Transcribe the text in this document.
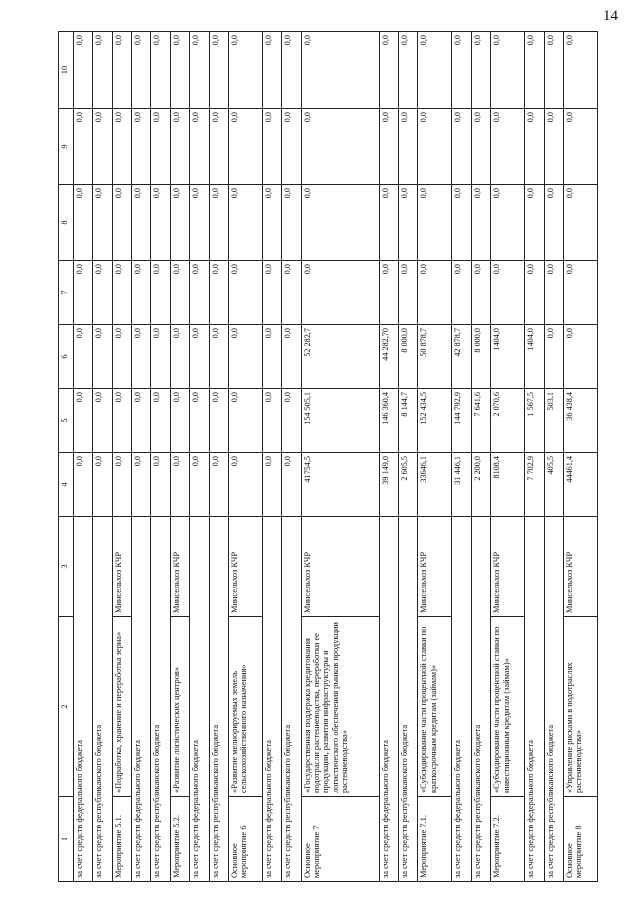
14
1	2	3	4	5	6	7	8	9	10
за счет средств федерального бюджета			0,0	0,0	0,0	0,0	0,0	0,0	0,0
за счет средств республиканского бюджета			0,0	0,0	0,0	0,0	0,0	0,0	0,0
Мероприятие 5.1.	«Подработка, хранение и переработка зерна»	Минсельхоз КЧР	0,0	0,0	0,0	0,0	0,0	0,0	0,0
за счет средств федерального бюджета			0,0	0,0	0,0	0,0	0,0	0,0	0,0
за счет средств республиканского бюджета			0,0	0,0	0,0	0,0	0,0	0,0	0,0
Мероприятие 5.2.	«Развитие логистических центров»	Минсельхоз КЧР	0,0	0,0	0,0	0,0	0,0	0,0	0,0
за счет средств федерального бюджета			0,0	0,0	0,0	0,0	0,0	0,0	0,0
за счет средств республиканского бюджета			0,0	0,0	0,0	0,0	0,0	0,0	0,0
Основное мероприятие 6	«Развитие мелиорируемых земель сельскохозяйственного назначения»	Минсельхоз КЧР	0,0	0,0	0,0	0,0	0,0	0,0	0,0
за счет средств федерального бюджета			0,0	0,0	0,0	0,0	0,0	0,0	0,0
за счет средств республиканского бюджета			0,0	0,0	0,0	0,0	0,0	0,0	0,0
Основное мероприятие 7	«Государственная поддержка кредитования подотрасли растениеводства, переработки ее продукции, развития инфраструктуры и логистического обеспечения рынков продукции растениеводства»	Минсельхоз КЧР	41754,5	154 505,1	52 282,7	0,0	0,0	0,0	0,0
за счет средств федерального бюджета			39 149,0	146 360,4	44 282,70	0,0	0,0	0,0	0,0
за счет средств республиканского бюджета			2 605,5	8 144,7	8 000,0	0,0	0,0	0,0	0,0
Мероприятие 7.1.	«Субсидирование части процентной ставки по краткосрочным кредитам (займам)»	Минсельхоз КЧР	33646,1	152 434,5	50 878,7	0,0	0,0	0,0	0,0
за счет средств федерального бюджета			31 446,1	144 792,9	42 878,7	0,0	0,0	0,0	0,0
за счет средств республиканского бюджета			2 200,0	7 641,6	8 000,0	0,0	0,0	0,0	0,0
Мероприятие 7.2.	«Субсидирование части процентной ставки по инвестиционным кредитам (займам)»	Минсельхоз КЧР	8108,4	2 070,6	1404,0	0,0	0,0	0,0	0,0
за счет средств федерального бюджета			7 702,9	1 567,5	1404,0	0,0	0,0	0,0	0,0
за счет средств республиканского бюджета			405,5	503,1	0,0	0,0	0,0	0,0	0,0
Основное мероприятие 8	«Управление рисками в подотраслях растениеводства»	Минсельхоз КЧР	44461,4	36 438,4	0,0	0,0	0,0	0,0	0,0
